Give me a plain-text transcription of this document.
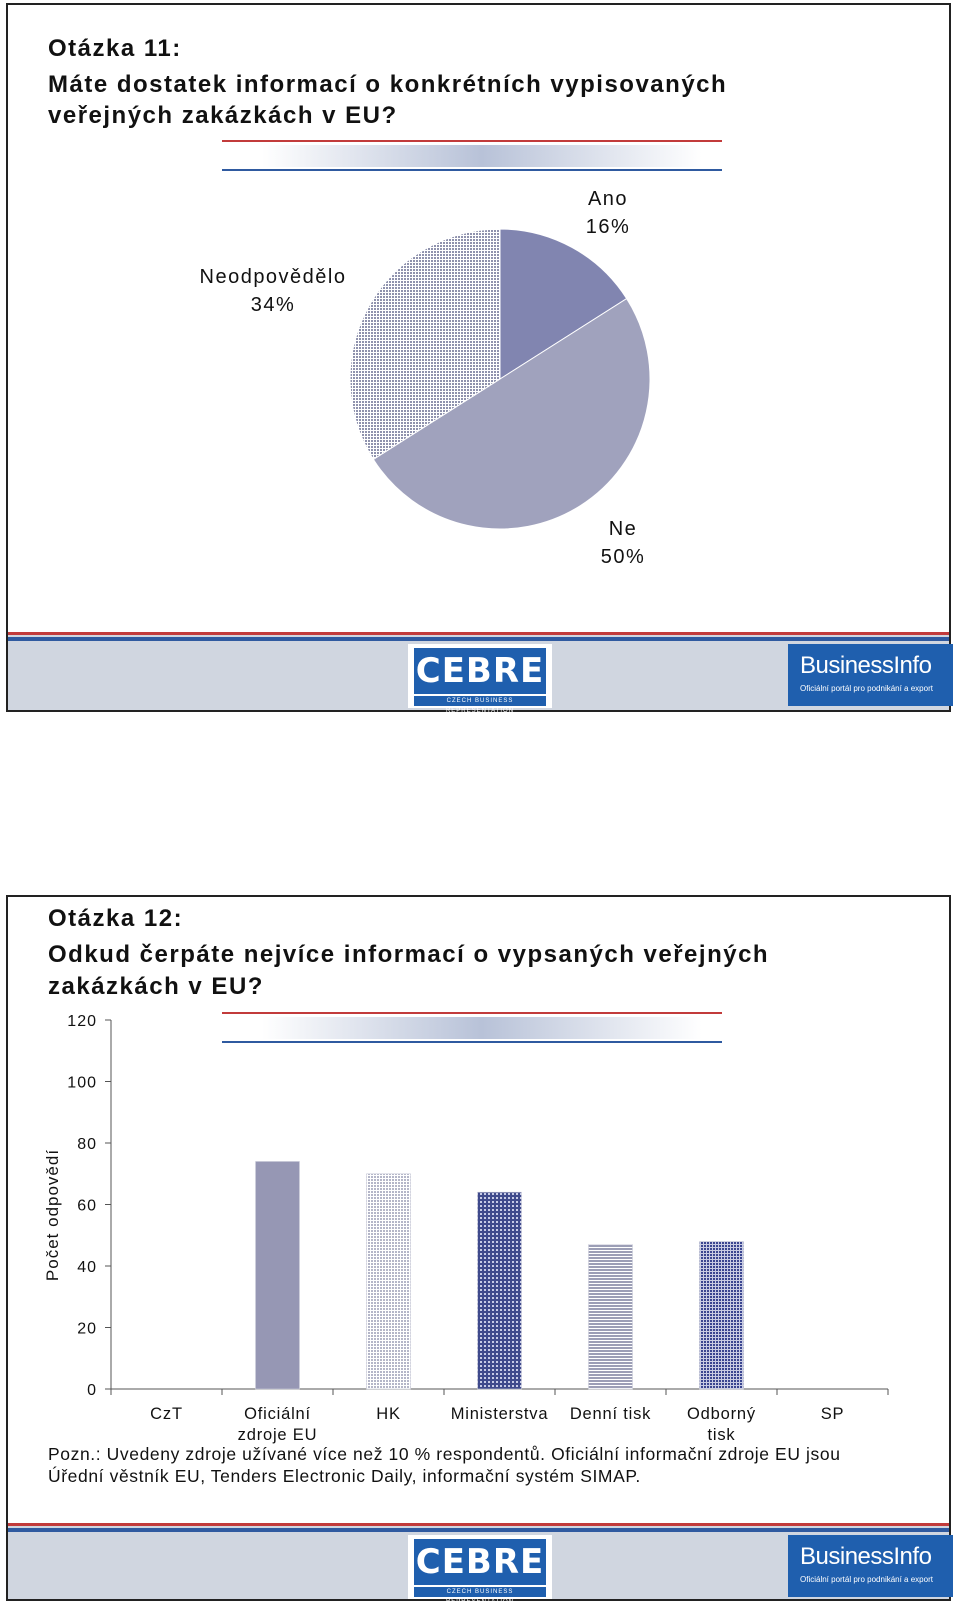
Otázka 11:
Máte dostatek informací o konkrétních vypisovaných
veřejných zakázkách v EU?
Ano
16%
Neodpovědělo
34%
Ne
50%
CEBRE
CZECH BUSINESS REPRESENTATION
BusinessInfo
Oficiální portál pro podnikání a export
0
20
40
60
80
100
120
CzT	Oficiální
zdroje EU
HK	Ministerstva Denní tisk Odborný
tisk
SP
Počet odpovědí
Otázka 12:
Odkud čerpáte nejvíce informací o vypsaných veřejných
zakázkách v EU?
Pozn.: Uvedeny zdroje užívané více než 10 % respondentů. Oficiální informační zdroje EU jsou
Úřední věstník EU, Tenders Electronic Daily, informační systém SIMAP.
CEBRE
CZECH BUSINESS REPRESENTATION
BusinessInfo
Oficiální portál pro podnikání a export
